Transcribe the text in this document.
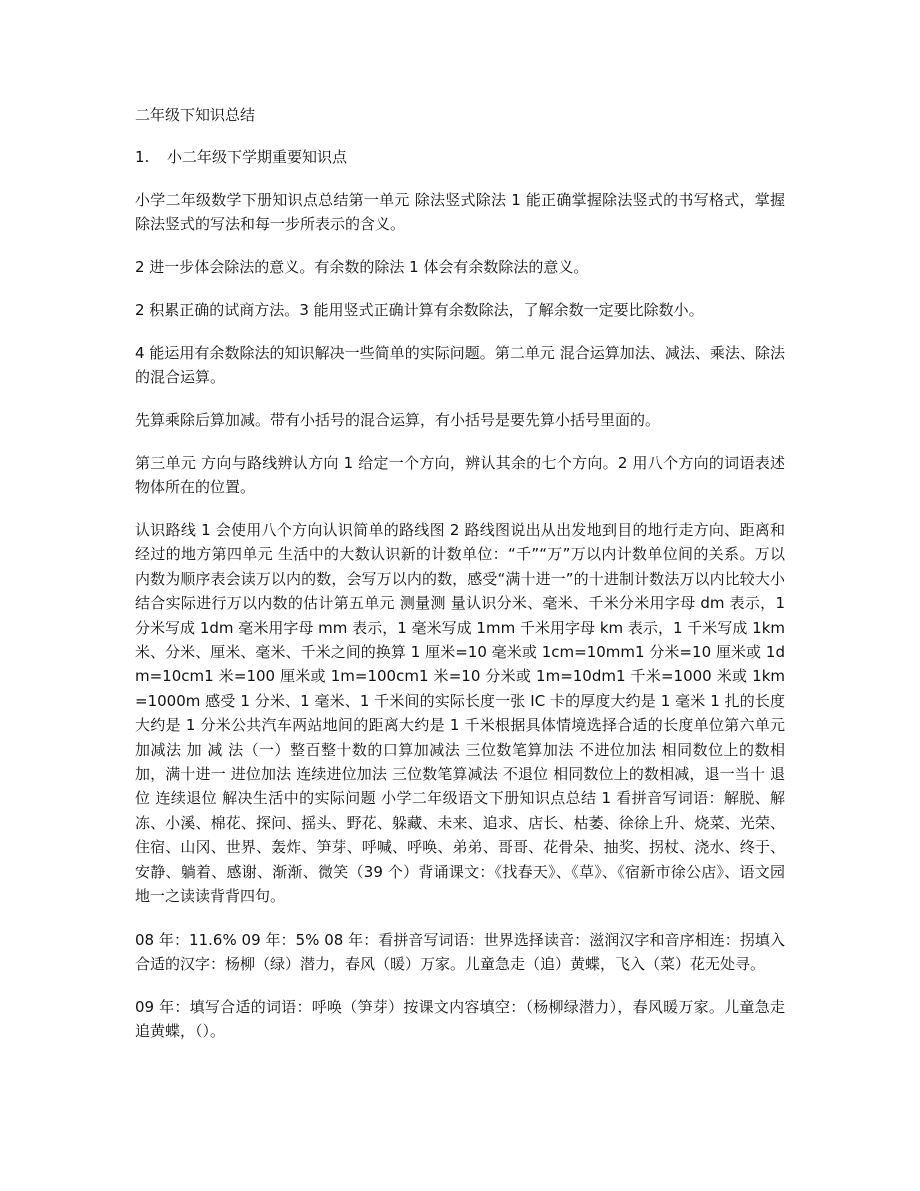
二年级下知识总结
1.	小二年级下学期重要知识点

小学二年级数学下册知识点总结第一单元 除法竖式除法 1 能正确掌握除法竖式的书写格式，掌握除法竖式的写法和每一步所表示的含义。

2 进一步体会除法的意义。有余数的除法 1 体会有余数除法的意义。

2 积累正确的试商方法。3 能用竖式正确计算有余数除法，了解余数一定要比除数小。

4 能运用有余数除法的知识解决一些简单的实际问题。第二单元 混合运算加法、减法、乘法、除法的混合运算。

先算乘除后算加减。带有小括号的混合运算，有小括号是要先算小括号里面的。

第三单元 方向与路线辨认方向 1 给定一个方向，辨认其余的七个方向。2 用八个方向的词语表述物体所在的位置。

认识路线 1 会使用八个方向认识简单的路线图 2 路线图说出从出发地到目的地行走方向、距离和经过的地方第四单元 生活中的大数认识新的计数单位：“千”“万”万以内计数单位间的关系。万以内数为顺序表会读万以内的数，会写万以内的数，感受“满十进一”的十进制计数法万以内比较大小结合实际进行万以内数的估计第五单元 测量测 量认识分米、毫米、千米分米用字母 dm 表示，1 分米写成 1dm 毫米用字母 mm 表示，1 毫米写成 1mm 千米用字母 km 表示，1 千米写成 1km 米、分米、厘米、毫米、千米之间的换算 1 厘米=10 毫米或 1cm=10mm1 分米=10 厘米或 1dm=10cm1 米=100 厘米或 1m=100cm1 米=10 分米或 1m=10dm1 千米=1000 米或 1km=1000m 感受 1 分米、1 毫米、1 千米间的实际长度一张 IC 卡的厚度大约是 1 毫米 1 扎的长度大约是 1 分米公共汽车两站地间的距离大约是 1 千米根据具体情境选择合适的长度单位第六单元 加减法 加 减 法（一）整百整十数的口算加减法 三位数笔算加法 不进位加法 相同数位上的数相加，满十进一 进位加法 连续进位加法 三位数笔算减法 不退位 相同数位上的数相减，退一当十 退位 连续退位 解决生活中的实际问题 小学二年级语文下册知识点总结 1 看拼音写词语：解脱、解冻、小溪、棉花、探问、摇头、野花、躲藏、未来、追求、店长、枯萎、徐徐上升、烧菜、光荣、住宿、山冈、世界、轰炸、笋芽、呼喊、呼唤、弟弟、哥哥、花骨朵、抽奖、拐杖、浇水、终于、安静、躺着、感谢、渐渐、微笑（39 个）背诵课文：《找春天》、《草》、《宿新市徐公店》、语文园地一之读读背背四句。

08 年：11.6% 09 年：5% 08 年：看拼音写词语：世界选择读音：滋润汉字和音序相连：拐填入合适的汉字：杨柳（绿）潜力，春风（暖）万家。儿童急走（追）黄蝶，飞入（菜）花无处寻。

09 年：填写合适的词语：呼唤（笋芽）按课文内容填空：（杨柳绿潜力），春风暖万家。儿童急走追黄蝶，（）。
